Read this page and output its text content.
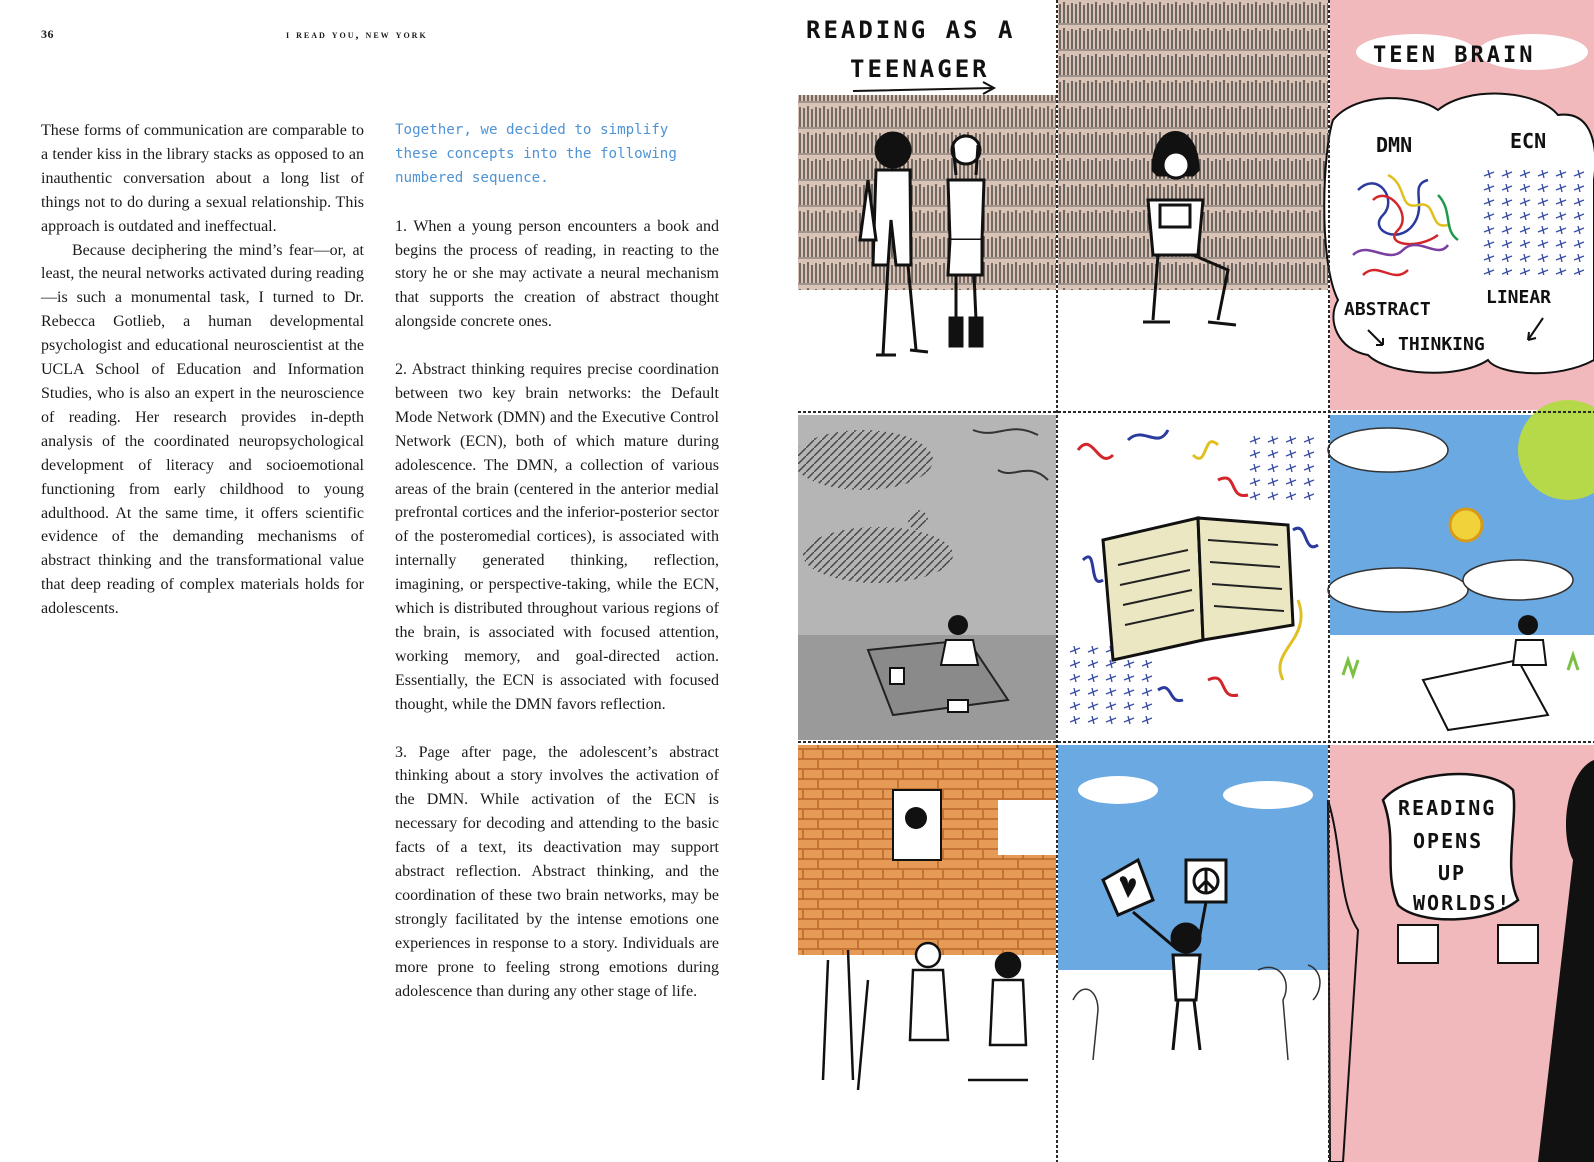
36	i read you, new york

These forms of communication are comparable to a tender kiss in the library stacks as opposed to an inauthentic conversation about a long list of things not to do during a sexual relationship. This approach is outdated and ineffectual.

Because deciphering the mind’s fear—or, at least, the neural networks activated during reading—is such a monumental task, I turned to Dr. Rebecca Gotlieb, a human developmental psychologist and educational neuroscientist at the UCLA School of Education and Information Studies, who is also an expert in the neuroscience of reading. Her research provides in-depth analysis of the coordinated neuropsychological development of literacy and socioemotional functioning from early childhood to young adulthood. At the same time, it offers scientific evidence of the demanding mechanisms of abstract thinking and the transformational value that deep reading of complex materials holds for adolescents.

Together, we decided to simplify these concepts into the following numbered sequence.

1. When a young person encounters a book and begins the process of reading, in reacting to the story he or she may activate a neural mechanism that supports the creation of abstract thought alongside concrete ones.

2. Abstract thinking requires precise coordination between two key brain networks: the Default Mode Network (DMN) and the Executive Control Network (ECN), both of which mature during adolescence. The DMN, a collection of various areas of the brain (centered in the anterior medial prefrontal cortices and the inferior-posterior sector of the posteromedial cortices), is associated with internally generated thinking, reflection, imagining, or perspective-taking, while the ECN, which is distributed throughout various regions of the brain, is associated with focused attention, working memory, and goal-directed action. Essentially, the ECN is associated with focused thought, while the DMN favors reflection.

3. Page after page, the adolescent’s abstract thinking about a story involves the activation of the DMN. While activation of the ECN is necessary for decoding and attending to the basic facts of a text, its deactivation may support abstract reflection. Abstract thinking, and the coordination of these two brain networks, may be strongly facilitated by the intense emotions one experiences in response to a story. Individuals are more prone to feeling strong emotions during adolescence than during any other stage of life.

READING AS A
TEENAGER	TEEN BRAIN
DMN	ECN
ABSTRACT
LINEAR
THINKING
READING
OPENS
UP
WORLDS!
